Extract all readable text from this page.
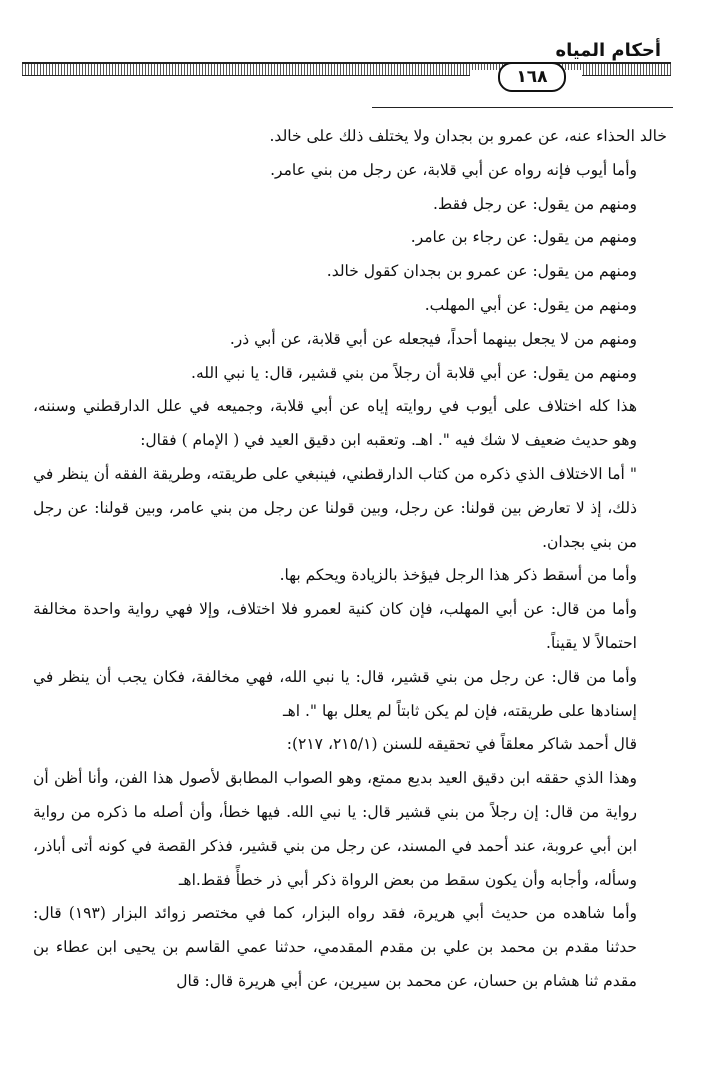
أحكام المياه
١٦٨

خالد الحذاء عنه، عن عمرو بن بجدان ولا يختلف ذلك على خالد.

وأما أيوب فإنه رواه عن أبي قلابة، عن رجل من بني عامر.

ومنهم من يقول: عن رجل فقط.

ومنهم من يقول: عن رجاء بن عامر.

ومنهم من يقول: عن عمرو بن بجدان كقول خالد.

ومنهم من يقول: عن أبي المهلب.

ومنهم من لا يجعل بينهما أحداً، فيجعله عن أبي قلابة، عن أبي ذر.

ومنهم من يقول: عن أبي قلابة أن رجلاً من بني قشير، قال: يا نبي الله.

هذا كله اختلاف على أيوب في روايته إياه عن أبي قلابة، وجميعه في علل الدارقطني وسننه، وهو حديث ضعيف لا شك فيه ". اهـ. وتعقبه ابن دقيق العيد في ( الإمام ) فقال:

" أما الاختلاف الذي ذكره من كتاب الدارقطني، فينبغي على طريقته، وطريقة الفقه أن ينظر في ذلك، إذ لا تعارض بين قولنا: عن رجل، وبين قولنا عن رجل من بني عامر، وبين قولنا: عن رجل من بني بجدان.

وأما من أسقط ذكر هذا الرجل فيؤخذ بالزيادة ويحكم بها.

وأما من قال: عن أبي المهلب، فإن كان كنية لعمرو فلا اختلاف، وإلا فهي رواية واحدة مخالفة احتمالاً لا يقيناً.

وأما من قال: عن رجل من بني قشير، قال: يا نبي الله، فهي مخالفة، فكان يجب أن ينظر في إسنادها على طريقته، فإن لم يكن ثابتاً لم يعلل بها ". اهـ

قال أحمد شاكر معلقاً في تحقيقه للسنن (٢١٥/١، ٢١٧):

وهذا الذي حققه ابن دقيق العيد بديع ممتع، وهو الصواب المطابق لأصول هذا الفن، وأنا أظن أن رواية من قال: إن رجلاً من بني قشير قال: يا نبي الله. فيها خطأ، وأن أصله ما ذكره من رواية ابن أبي عروبة، عند أحمد في المسند، عن رجل من بني قشير، فذكر القصة في كونه أتى أباذر، وسأله، وأجابه وأن يكون سقط من بعض الرواة ذكر أبي ذر خطأً فقط.اهـ

وأما شاهده من حديث أبي هريرة، فقد رواه البزار، كما في مختصر زوائد البزار (١٩٣) قال: حدثنا مقدم بن محمد بن علي بن مقدم المقدمي، حدثنا عمي القاسم بن يحيى ابن عطاء بن مقدم ثنا هشام بن حسان، عن محمد بن سيرين، عن أبي هريرة قال: قال
